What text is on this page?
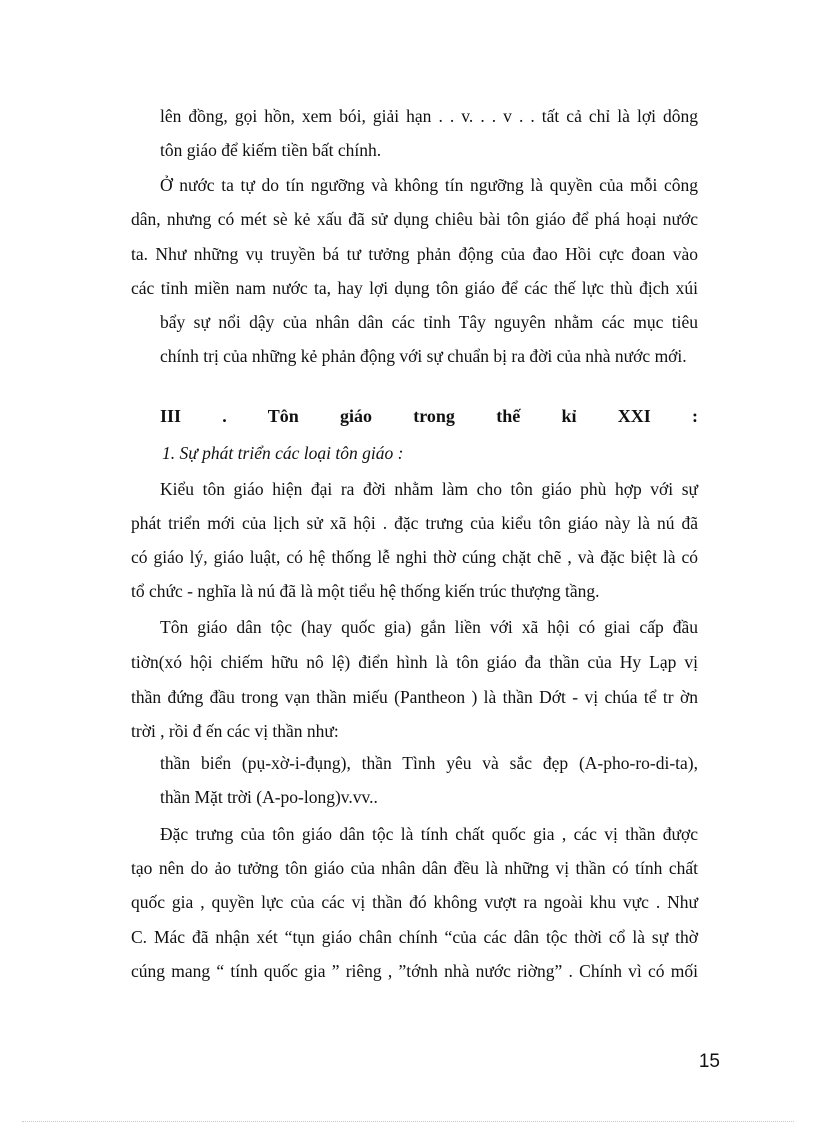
lên đồng, gọi hồn, xem bói, giải hạn . . v. . . v . . tất cả chỉ là lợi dông
tôn giáo để kiếm tiền bất chính.
Ở nước ta tự do tín ngưỡng và không tín ngưỡng là quyền của mỗi công
dân, nhưng có mét sè kẻ xấu đã sử dụng chiêu bài tôn giáo để phá hoại nước
ta. Như những vụ truyền bá tư tưởng phản động của đao Hồi cực đoan vào
các tỉnh miền nam nước ta, hay lợi dụng tôn giáo để các thế lực thù địch xúi
bẩy sự nổi dậy của nhân dân các tỉnh Tây nguyên nhằm các mục tiêu
chính trị của những kẻ phản động với sự chuẩn bị ra đời của nhà nước mới.
III . Tôn giáo trong thế kỉ XXI :
1. Sự phát triển các loại tôn giáo :
Kiểu tôn giáo hiện đại ra đời nhằm làm cho tôn giáo phù hợp với sự
phát triển mới của lịch sử xã hội . đặc trưng của kiểu tôn giáo này là nú đã
có giáo lý, giáo luật, có hệ thống lễ nghi thờ cúng chặt chẽ , và đặc biệt là có
tổ chức - nghĩa là nú đã là một tiểu hệ thống kiến trúc thượng tầng.
Tôn giáo dân tộc (hay quốc gia) gắn liền với xã hội có giai cấp đầu
tiờn(xó hội chiếm hữu nô lệ) điển hình là tôn giáo đa thần của Hy Lạp vị
thần đứng đầu trong vạn thần miếu (Pantheon ) là thần Dớt - vị chúa tể tr ờn
trời , rồi đ ến các vị thần như:
thần biển (pụ-xờ-i-đụng), thần Tình yêu và sắc đẹp (A-pho-ro-di-ta),
thần Mặt trời (A-po-long)v.vv..
Đặc trưng của tôn giáo dân tộc là tính chất quốc gia , các vị thần được
tạo nên do ảo tưởng tôn giáo của nhân dân đều là những vị thần có tính chất
quốc gia , quyền lực của các vị thần đó không vượt ra ngoài khu vực . Như
C. Mác đã nhận xét “tụn giáo chân chính “của các dân tộc thời cổ là sự thờ
cúng mang “ tính quốc gia ” riêng , ”tớnh nhà nước riờng” . Chính vì có mối
15
